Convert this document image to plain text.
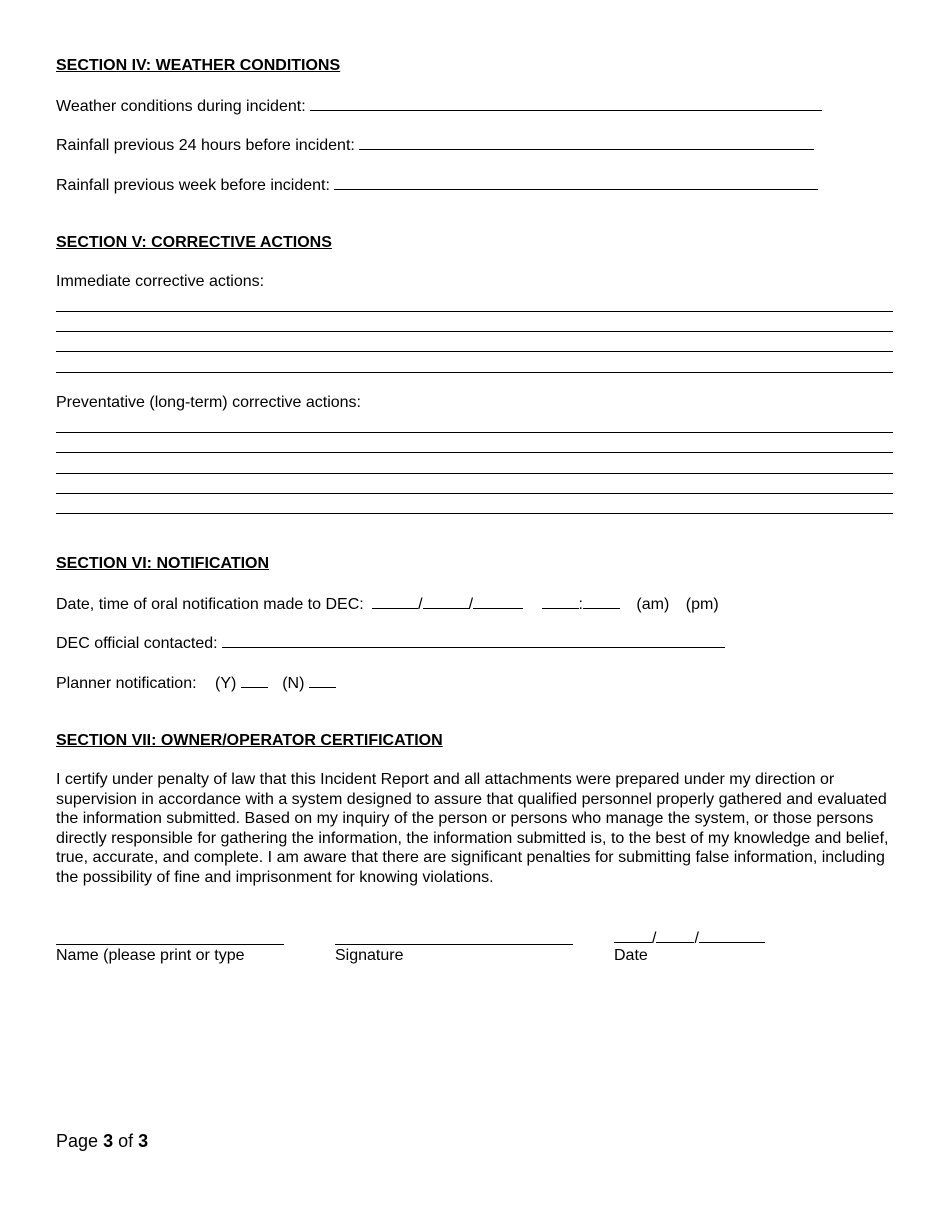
SECTION IV: WEATHER CONDITIONS
Weather conditions during incident:
Rainfall previous 24 hours before incident:
Rainfall previous week before incident:
SECTION V: CORRECTIVE ACTIONS
Immediate corrective actions:
Preventative (long-term) corrective actions:
SECTION VI: NOTIFICATION
Date, time of oral notification made to DEC:	/	/	:	(am) (pm)
DEC official contacted:
Planner notification: (Y)	(N)
SECTION VII: OWNER/OPERATOR CERTIFICATION
I certify under penalty of law that this Incident Report and all attachments were prepared under my direction or supervision in accordance with a system designed to assure that qualified personnel properly gathered and evaluated the information submitted. Based on my inquiry of the person or persons who manage the system, or those persons directly responsible for gathering the information, the information submitted is, to the best of my knowledge and belief, true, accurate, and complete. I am aware that there are significant penalties for submitting false information, including the possibility of fine and imprisonment for knowing violations.
/ /
Name (please print or type	Signature	Date
Page 3 of 3
